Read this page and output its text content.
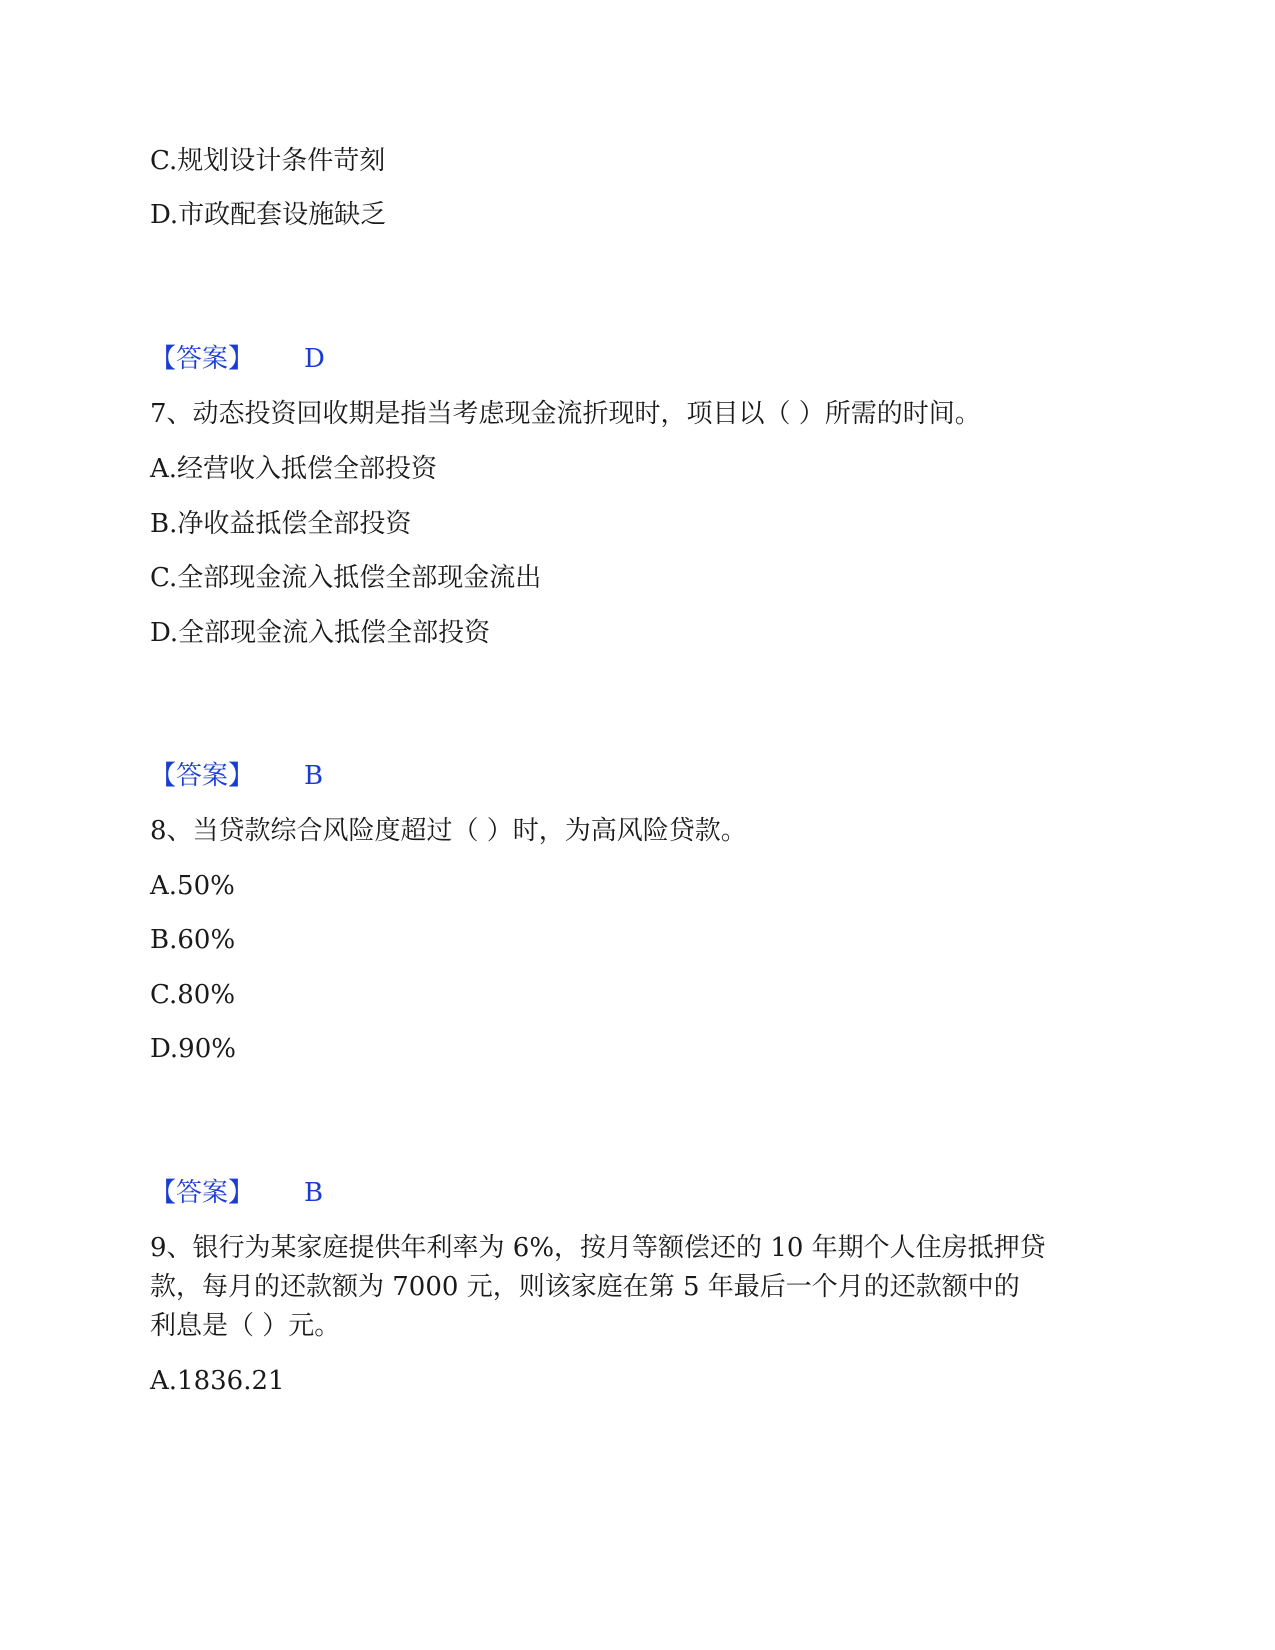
C.规划设计条件苛刻
D.市政配套设施缺乏
【答案】 D
7、动态投资回收期是指当考虑现金流折现时，项目以（ ）所需的时间。
A.经营收入抵偿全部投资
B.净收益抵偿全部投资
C.全部现金流入抵偿全部现金流出
D.全部现金流入抵偿全部投资
【答案】 B
8、当贷款综合风险度超过（ ）时，为高风险贷款。
A.50%
B.60%
C.80%
D.90%
【答案】 B
9、银行为某家庭提供年利率为 6%，按月等额偿还的 10 年期个人住房抵押贷
款，每月的还款额为 7000 元，则该家庭在第 5 年最后一个月的还款额中的
利息是（ ）元。
A.1836.21
